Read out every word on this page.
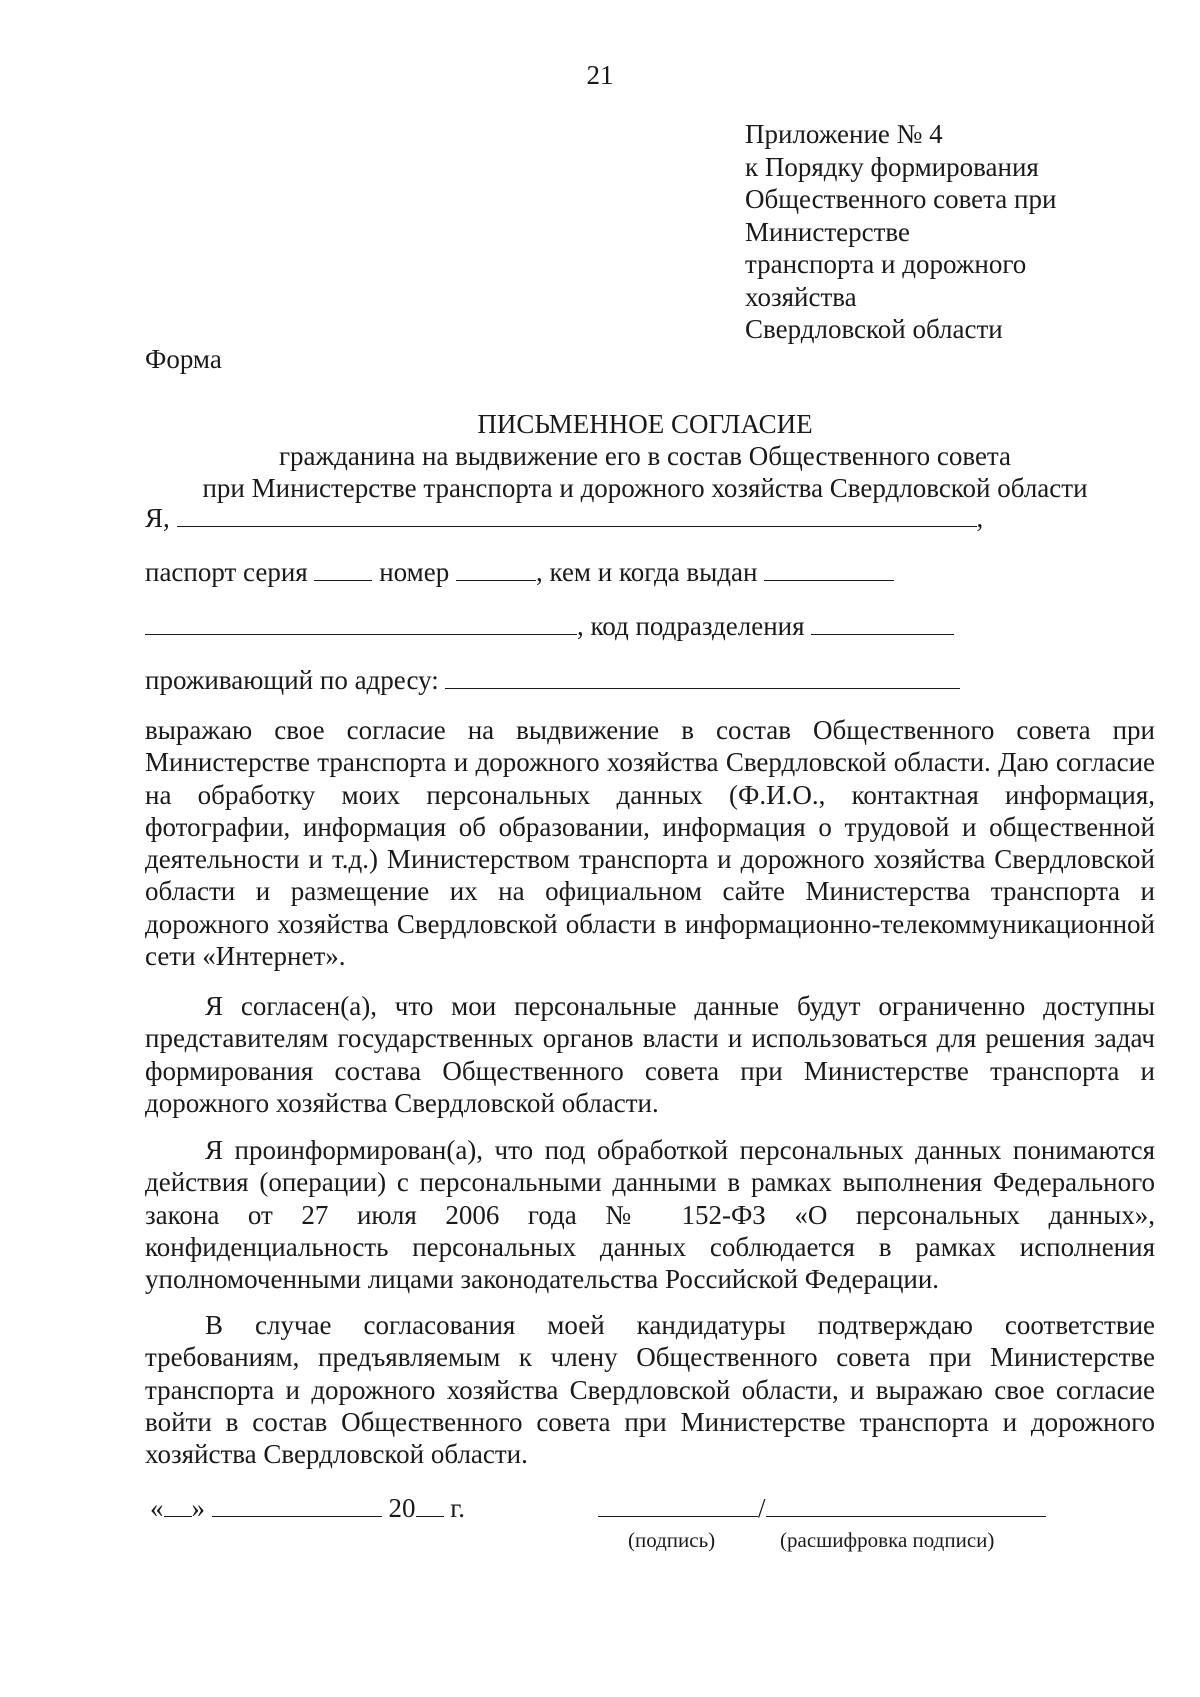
21
Приложение № 4
к Порядку формирования
Общественного совета при
Министерстве
транспорта и дорожного
хозяйства
Свердловской области
Форма
ПИСЬМЕННОЕ СОГЛАСИЕ
гражданина на выдвижение его в состав Общественного совета
при Министерстве транспорта и дорожного хозяйства Свердловской области
Я,	,
паспорт серия	номер	, кем и когда выдан
, код подразделения
проживающий по адресу:
выражаю свое согласие на выдвижение в состав Общественного совета при Министерстве транспорта и дорожного хозяйства Свердловской области. Даю согласие на обработку моих персональных данных (Ф.И.О., контактная информация, фотографии, информация об образовании, информация о трудовой и общественной деятельности и т.д.) Министерством транспорта и дорожного хозяйства Свердловской области и размещение их на официальном сайте Министерства транспорта и дорожного хозяйства Свердловской области в информационно-телекоммуникационной сети «Интернет».
Я согласен(а), что мои персональные данные будут ограниченно доступны представителям государственных органов власти и использоваться для решения задач формирования состава Общественного совета при Министерстве транспорта и дорожного хозяйства Свердловской области.
Я проинформирован(а), что под обработкой персональных данных понимаются действия (операции) с персональными данными в рамках выполнения Федерального закона от 27 июля 2006 года № 152-ФЗ «О персональных данных», конфиденциальность персональных данных соблюдается в рамках исполнения уполномоченными лицами законодательства Российской Федерации.
В случае согласования моей кандидатуры подтверждаю соответствие требованиям, предъявляемым к члену Общественного совета при Министерстве транспорта и дорожного хозяйства Свердловской области, и выражаю свое согласие войти в состав Общественного совета при Министерстве транспорта и дорожного хозяйства Свердловской области.
« »	20 г.	/
(подпись)	(расшифровка подписи)
